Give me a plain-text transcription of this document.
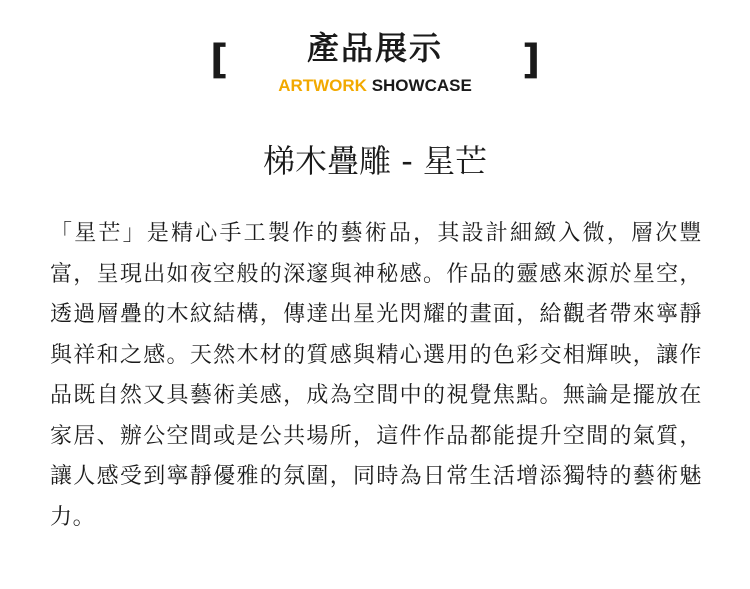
[	產品展示
ARTWORK SHOWCASE
]
梯木疊雕 - 星芒

「星芒」是精心手工製作的藝術品，其設計細緻入微，層次豐富，呈現出如夜空般的深邃與神秘感。作品的靈感來源於星空，透過層疊的木紋結構，傳達出星光閃耀的畫面，給觀者帶來寧靜與祥和之感。天然木材的質感與精心選用的色彩交相輝映，讓作品既自然又具藝術美感，成為空間中的視覺焦點。無論是擺放在家居、辦公空間或是公共場所，這件作品都能提升空間的氣質，讓人感受到寧靜優雅的氛圍，同時為日常生活增添獨特的藝術魅力。
